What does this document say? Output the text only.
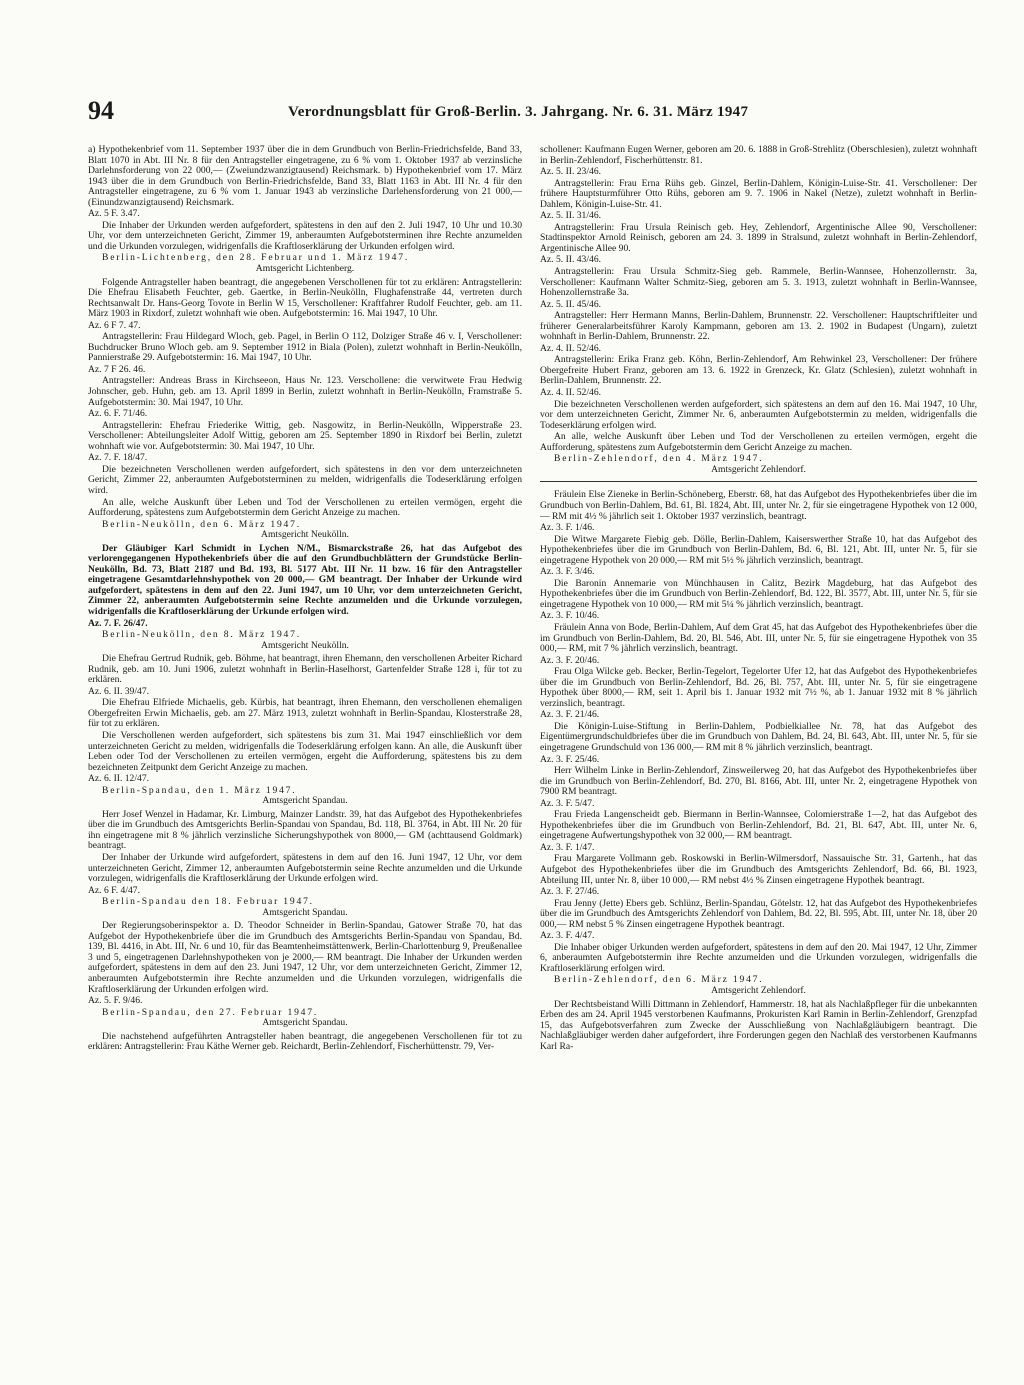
94	Verordnungsblatt für Groß-Berlin. 3. Jahrgang. Nr. 6. 31. März 1947
a) Hypothekenbrief vom 11. September 1937 über die in dem Grundbuch von Berlin-Friedrichsfelde, Band 33, Blatt 1070 in Abt. III Nr. 8 für den Antragsteller eingetragene, zu 6 % vom 1. Oktober 1937 ab verzinsliche Darlehnsforderung von 22 000,— (Zweiundzwanzigtausend) Reichsmark. b) Hypothekenbrief vom 17. März 1943 über die in dem Grundbuch von Berlin-Friedrichsfelde, Band 33, Blatt 1163 in Abt. III Nr. 4 für den Antragsteller eingetragene, zu 6 % vom 1. Januar 1943 ab verzinsliche Darlehensforderung von 21 000,— (Einundzwanzigtausend) Reichsmark.
Az. 5 F. 3.47.
Die Inhaber der Urkunden werden aufgefordert, spätestens in den auf den 2. Juli 1947, 10 Uhr und 10.30 Uhr, vor dem unterzeichneten Gericht, Zimmer 19, anberaumten Aufgebotsterminen ihre Rechte anzumelden und die Urkunden vorzulegen, widrigenfalls die Kraftloserklärung der Urkunden erfolgen wird.
Berlin-Lichtenberg, den 28. Februar und 1. März 1947.
Amtsgericht Lichtenberg.
Folgende Antragsteller haben beantragt, die angegebenen Verschollenen für tot zu erklären: Antragstellerin: Die Ehefrau Elisabeth Feuchter, geb. Gaertke, in Berlin-Neukölln, Flughafenstraße 44, vertreten durch Rechtsanwalt Dr. Hans-Georg Tovote in Berlin W 15, Verschollener: Kraftfahrer Rudolf Feuchter, geb. am 11. März 1903 in Rixdorf, zuletzt wohnhaft wie oben. Aufgebotstermin: 16. Mai 1947, 10 Uhr.
Az. 6 F 7. 47.
Antragstellerin: Frau Hildegard Wloch, geb. Pagel, in Berlin O 112, Dolziger Straße 46 v. I, Verschollener: Buchdrucker Bruno Wloch geb. am 9. September 1912 in Biala (Polen), zuletzt wohnhaft in Berlin-Neukölln, Pannierstraße 29. Aufgebotstermin: 16. Mai 1947, 10 Uhr.
Az. 7 F 26. 46.
Antragsteller: Andreas Brass in Kirchseeon, Haus Nr. 123. Verschollene: die verwitwete Frau Hedwig Johnscher, geb. Huhn, geb. am 13. April 1899 in Berlin, zuletzt wohnhaft in Berlin-Neukölln, Framstraße 5. Aufgebotstermin: 30. Mai 1947, 10 Uhr.
Az. 6. F. 71/46.
Antragstellerin: Ehefrau Friederike Wittig, geb. Nasgowitz, in Berlin-Neukölln, Wipperstraße 23. Verschollener: Abteilungsleiter Adolf Wittig, geboren am 25. September 1890 in Rixdorf bei Berlin, zuletzt wohnhaft wie vor. Aufgebotstermin: 30. Mai 1947, 10 Uhr.
Az. 7. F. 18/47.
Die bezeichneten Verschollenen werden aufgefordert, sich spätestens in den vor dem unterzeichneten Gericht, Zimmer 22, anberaumten Aufgebotsterminen zu melden, widrigenfalls die Todeserklärung erfolgen wird.
An alle, welche Auskunft über Leben und Tod der Verschollenen zu erteilen vermögen, ergeht die Aufforderung, spätestens zum Aufgebotstermin dem Gericht Anzeige zu machen.
Berlin-Neukölln, den 6. März 1947.
Amtsgericht Neukölln.
Der Gläubiger Karl Schmidt in Lychen N/M., Bismarckstraße 26, hat das Aufgebot des verlorengegangenen Hypothekenbriefs über die auf den Grundbuchblättern der Grundstücke Berlin-Neukölln, Bd. 73, Blatt 2187 und Bd. 193, Bl. 5177 Abt. III Nr. 11 bzw. 16 für den Antragsteller eingetragene Gesamtdarlehnshypothek von 20 000,— GM beantragt. Der Inhaber der Urkunde wird aufgefordert, spätestens in dem auf den 22. Juni 1947, um 10 Uhr, vor dem unterzeichneten Gericht, Zimmer 22, anberaumten Aufgebotstermin seine Rechte anzumelden und die Urkunde vorzulegen, widrigenfalls die Kraftloserklärung der Urkunde erfolgen wird.
Az. 7. F. 26/47.
Berlin-Neukölln, den 8. März 1947.
Amtsgericht Neukölln.
Die Ehefrau Gertrud Rudnik, geb. Böhme, hat beantragt, ihren Ehemann, den verschollenen Arbeiter Richard Rudnik, geb. am 10. Juni 1906, zuletzt wohnhaft in Berlin-Haselhorst, Gartenfelder Straße 128 i, für tot zu erklären.
Az. 6. II. 39/47.
Die Ehefrau Elfriede Michaelis, geb. Kürbis, hat beantragt, ihren Ehemann, den verschollenen ehemaligen Obergefreiten Erwin Michaelis, geb. am 27. März 1913, zuletzt wohnhaft in Berlin-Spandau, Klosterstraße 28, für tot zu erklären.
Die Verschollenen werden aufgefordert, sich spätestens bis zum 31. Mai 1947 einschließlich vor dem unterzeichneten Gericht zu melden, widrigenfalls die Todeserklärung erfolgen kann. An alle, die Auskunft über Leben oder Tod der Verschollenen zu erteilen vermögen, ergeht die Aufforderung, spätestens bis zu dem bezeichneten Zeitpunkt dem Gericht Anzeige zu machen.
Az. 6. II. 12/47.
Berlin-Spandau, den 1. März 1947.
Amtsgericht Spandau.
Herr Josef Wenzel in Hadamar, Kr. Limburg, Mainzer Landstr. 39, hat das Aufgebot des Hypothekenbriefes über die im Grundbuch des Amtsgerichts Berlin-Spandau von Spandau, Bd. 118, Bl. 3764, in Abt. III Nr. 20 für ihn eingetragene mit 8 % jährlich verzinsliche Sicherungshypothek von 8000,— GM (achttausend Goldmark) beantragt.
Der Inhaber der Urkunde wird aufgefordert, spätestens in dem auf den 16. Juni 1947, 12 Uhr, vor dem unterzeichneten Gericht, Zimmer 12, anberaumten Aufgebotstermin seine Rechte anzumelden und die Urkunde vorzulegen, widrigenfalls die Kraftloserklärung der Urkunde erfolgen wird.
Az. 6 F. 4/47.
Berlin-Spandau den 18. Februar 1947.
Amtsgericht Spandau.
Der Regierungsoberinspektor a. D. Theodor Schneider in Berlin-Spandau, Gatower Straße 70, hat das Aufgebot der Hypothekenbriefe über die im Grundbuch des Amtsgerichts Berlin-Spandau von Spandau, Bd. 139, Bl. 4416, in Abt. III, Nr. 6 und 10, für das Beamtenheimstättenwerk, Berlin-Charlottenburg 9, Preußenallee 3 und 5, eingetragenen Darlehnshypotheken von je 2000,— RM beantragt. Die Inhaber der Urkunden werden aufgefordert, spätestens in dem auf den 23. Juni 1947, 12 Uhr, vor dem unterzeichneten Gericht, Zimmer 12, anberaumten Aufgebotstermin ihre Rechte anzumelden und die Urkunden vorzulegen, widrigenfalls die Kraftloserklärung der Urkunden erfolgen wird.
Az. 5. F. 9/46.
Berlin-Spandau, den 27. Februar 1947.
Amtsgericht Spandau.
Die nachstehend aufgeführten Antragsteller haben beantragt, die angegebenen Verschollenen für tot zu erklären: Antragstellerin: Frau Käthe Werner geb. Reichardt, Berlin-Zehlendorf, Fischerhüttenstr. 79, Ver-
schollener: Kaufmann Eugen Werner, geboren am 20. 6. 1888 in Groß-Strehlitz (Oberschlesien), zuletzt wohnhaft in Berlin-Zehlendorf, Fischerhüttenstr. 81.
Az. 5. II. 23/46.
Antragstellerin: Frau Erna Rühs geb. Ginzel, Berlin-Dahlem, Königin-Luise-Str. 41. Verschollener: Der frühere Hauptsturmführer Otto Rühs, geboren am 9. 7. 1906 in Nakel (Netze), zuletzt wohnhaft in Berlin-Dahlem, Königin-Luise-Str. 41.
Az. 5. II. 31/46.
Antragstellerin: Frau Ursula Reinisch geb. Hey, Zehlendorf, Argentinische Allee 90, Verschollener: Stadtinspektor Arnold Reinisch, geboren am 24. 3. 1899 in Stralsund, zuletzt wohnhaft in Berlin-Zehlendorf, Argentinische Allee 90.
Az. 5. II. 43/46.
Antragstellerin: Frau Ursula Schmitz-Sieg geb. Rammele, Berlin-Wannsee, Hohenzollernstr. 3a, Verschollener: Kaufmann Walter Schmitz-Sieg, geboren am 5. 3. 1913, zuletzt wohnhaft in Berlin-Wannsee, Hohenzollernstraße 3a.
Az. 5. II. 45/46.
Antragsteller: Herr Hermann Manns, Berlin-Dahlem, Brunnenstr. 22. Verschollener: Hauptschriftleiter und früherer Generalarbeitsführer Karoly Kampmann, geboren am 13. 2. 1902 in Budapest (Ungarn), zuletzt wohnhaft in Berlin-Dahlem, Brunnenstr. 22.
Az. 4. II. 52/46.
Antragstellerin: Erika Franz geb. Köhn, Berlin-Zehlendorf, Am Rehwinkel 23, Verschollener: Der frühere Obergefreite Hubert Franz, geboren am 13. 6. 1922 in Grenzeck, Kr. Glatz (Schlesien), zuletzt wohnhaft in Berlin-Dahlem, Brunnenstr. 22.
Az. 4. II. 52/46.
Die bezeichneten Verschollenen werden aufgefordert, sich spätestens an dem auf den 16. Mai 1947, 10 Uhr, vor dem unterzeichneten Gericht, Zimmer Nr. 6, anberaumten Aufgebotstermin zu melden, widrigenfalls die Todeserklärung erfolgen wird.
An alle, welche Auskunft über Leben und Tod der Verschollenen zu erteilen vermögen, ergeht die Aufforderung, spätestens zum Aufgebotstermin dem Gericht Anzeige zu machen.
Berlin-Zehlendorf, den 4. März 1947.
Amtsgericht Zehlendorf.
Fräulein Else Zieneke in Berlin-Schöneberg, Eberstr. 68, hat das Aufgebot des Hypothekenbriefes über die im Grundbuch von Berlin-Dahlem, Bd. 61, Bl. 1824, Abt. III, unter Nr. 2, für sie eingetragene Hypothek von 12 000,— RM mit 4½ % jährlich seit 1. Oktober 1937 verzinslich, beantragt.
Az. 3. F. 1/46.
Die Witwe Margarete Fiebig geb. Dölle, Berlin-Dahlem, Kaiserswerther Straße 10, hat das Aufgebot des Hypothekenbriefes über die im Grundbuch von Berlin-Dahlem, Bd. 6, Bl. 121, Abt. III, unter Nr. 5, für sie eingetragene Hypothek von 20 000,— RM mit 5½ % jährlich verzinslich, beantragt.
Az. 3. F. 3/46.
Die Baronin Annemarie von Münchhausen in Calitz, Bezirk Magdeburg, hat das Aufgebot des Hypothekenbriefes über die im Grundbuch von Berlin-Zehlendorf, Bd. 122, Bl. 3577, Abt. III, unter Nr. 5, für sie eingetragene Hypothek von 10 000,— RM mit 5¼ % jährlich verzinslich, beantragt.
Az. 3. F. 10/46.
Fräulein Anna von Bode, Berlin-Dahlem, Auf dem Grat 45, hat das Aufgebot des Hypothekenbriefes über die im Grundbuch von Berlin-Dahlem, Bd. 20, Bl. 546, Abt. III, unter Nr. 5, für sie eingetragene Hypothek von 35 000,— RM, mit 7 % jährlich verzinslich, beantragt.
Az. 3. F. 20/46.
Frau Olga Wilcke geb. Becker, Berlin-Tegelort, Tegelorter Ufer 12, hat das Aufgebot des Hypothekenbriefes über die im Grundbuch von Berlin-Zehlendorf, Bd. 26, Bl. 757, Abt. III, unter Nr. 5, für sie eingetragene Hypothek über 8000,— RM, seit 1. April bis 1. Januar 1932 mit 7½ %, ab 1. Januar 1932 mit 8 % jährlich verzinslich, beantragt.
Az. 3. F. 21/46.
Die Königin-Luise-Stiftung in Berlin-Dahlem, Podbielkiallee Nr. 78, hat das Aufgebot des Eigentümergrundschuldbriefes über die im Grundbuch von Dahlem, Bd. 24, Bl. 643, Abt. III, unter Nr. 5, für sie eingetragene Grundschuld von 136 000,— RM mit 8 % jährlich verzinslich, beantragt.
Az. 3. F. 25/46.
Herr Wilhelm Linke in Berlin-Zehlendorf, Zinsweilerweg 20, hat das Aufgebot des Hypothekenbriefes über die im Grundbuch von Berlin-Zehlendorf, Bd. 270, Bl. 8166, Abt. III, unter Nr. 2, eingetragene Hypothek von 7900 RM beantragt.
Az. 3. F. 5/47.
Frau Frieda Langenscheidt geb. Biermann in Berlin-Wannsee, Colomierstraße 1—2, hat das Aufgebot des Hypothekenbriefes über die im Grundbuch von Berlin-Zehlendorf, Bd. 21, Bl. 647, Abt. III, unter Nr. 6, eingetragene Aufwertungshypothek von 32 000,— RM beantragt.
Az. 3. F. 1/47.
Frau Margarete Vollmann geb. Roskowski in Berlin-Wilmersdorf, Nassauische Str. 31, Gartenh., hat das Aufgebot des Hypothekenbriefes über die im Grundbuch des Amtsgerichts Zehlendorf, Bd. 66, Bl. 1923, Abteilung III, unter Nr. 8, über 10 000,— RM nebst 4½ % Zinsen eingetragene Hypothek beantragt.
Az. 3. F. 27/46.
Frau Jenny (Jette) Ebers geb. Schlünz, Berlin-Spandau, Götelstr. 12, hat das Aufgebot des Hypothekenbriefes über die im Grundbuch des Amtsgerichts Zehlendorf von Dahlem, Bd. 22, Bl. 595, Abt. III, unter Nr. 18, über 20 000,— RM nebst 5 % Zinsen eingetragene Hypothek beantragt.
Az. 3. F. 4/47.
Die Inhaber obiger Urkunden werden aufgefordert, spätestens in dem auf den 20. Mai 1947, 12 Uhr, Zimmer 6, anberaumten Aufgebotstermin ihre Rechte anzumelden und die Urkunden vorzulegen, widrigenfalls die Kraftloserklärung erfolgen wird.
Berlin-Zehlendorf, den 6. März 1947.
Amtsgericht Zehlendorf.
Der Rechtsbeistand Willi Dittmann in Zehlendorf, Hammerstr. 18, hat als Nachlaßpfleger für die unbekannten Erben des am 24. April 1945 verstorbenen Kaufmanns, Prokuristen Karl Ramin in Berlin-Zehlendorf, Grenzpfad 15, das Aufgebotsverfahren zum Zwecke der Ausschließung von Nachlaßgläubigern beantragt. Die Nachlaßgläubiger werden daher aufgefordert, ihre Forderungen gegen den Nachlaß des verstorbenen Kaufmanns Karl Ra-
